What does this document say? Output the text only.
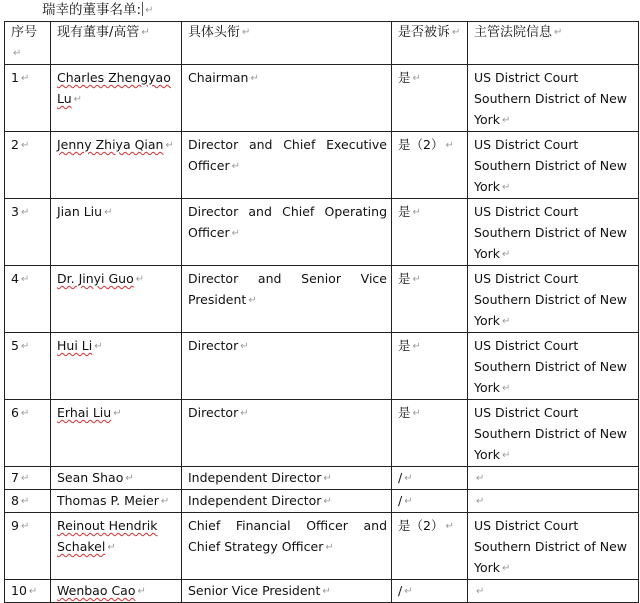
瑞幸的董事名单: ↵
序号↵	现有董事/高管 ↵	具体头衔 ↵	是否被诉 ↵	主管法院信息 ↵
1 ↵	Charles Zhengyao Lu ↵	Chairman ↵	是 ↵	US District Court Southern District of New York ↵
2 ↵	Jenny Zhiya Qian ↵	Director and Chief Executive Officer ↵	是（2） ↵	US District Court Southern District of New York ↵
3 ↵	Jian Liu ↵	Director and Chief Operating Officer ↵	是 ↵	US District Court Southern District of New York ↵
4 ↵	Dr. Jinyi Guo ↵	Director and Senior Vice President ↵	是 ↵	US District Court Southern District of New York ↵
5 ↵	Hui Li ↵	Director ↵	是 ↵	US District Court Southern District of New York ↵
6 ↵	Erhai Liu ↵	Director ↵	是 ↵	US District Court Southern District of New York ↵
7 ↵	Sean Shao ↵	Independent Director ↵	/ ↵	↵
8 ↵	Thomas P. Meier ↵	Independent Director ↵	/ ↵	↵
9 ↵	Reinout Hendrik Schakel ↵	Chief Financial Officer and Chief Strategy Officer ↵	是（2） ↵	US District Court Southern District of New York ↵
10 ↵	Wenbao Cao ↵	Senior Vice President ↵	/ ↵	↵
